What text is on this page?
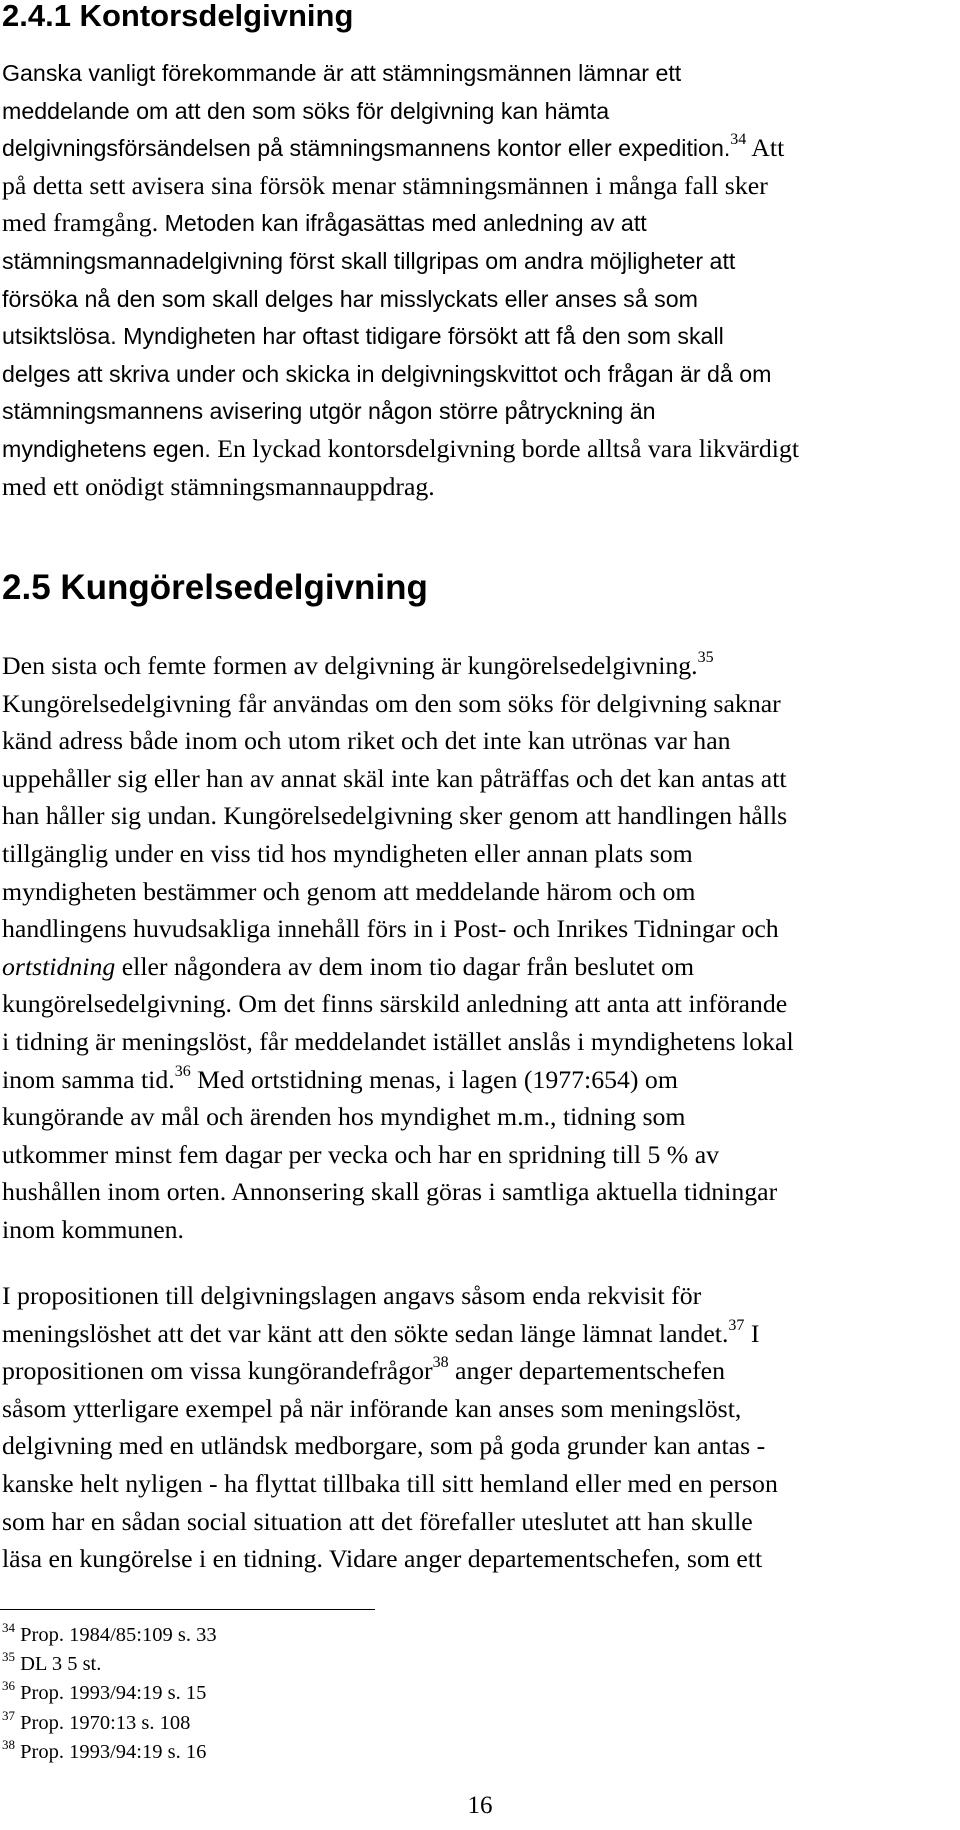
2.4.1 Kontorsdelgivning
Ganska vanligt förekommande är att stämningsmännen lämnar ett
meddelande om att den som söks för delgivning kan hämta
delgivningsförsändelsen på stämningsmannens kontor eller expedition.$^{34}$ Att
på detta sett avisera sina försök menar stämningsmännen i många fall sker
med framgång. Metoden kan ifrågasättas med anledning av att
stämningsmannadelgivning först skall tillgripas om andra möjligheter att
försöka nå den som skall delges har misslyckats eller anses så som
utsiktslösa. Myndigheten har oftast tidigare försökt att få den som skall
delges att skriva under och skicka in delgivningskvittot och frågan är då om
stämningsmannens avisering utgör någon större påtryckning än
myndighetens egen. En lyckad kontorsdelgivning borde alltså vara likvärdigt
med ett onödigt stämningsmannauppdrag.
2.5 Kungörelsedelgivning
Den sista och femte formen av delgivning är kungörelsedelgivning.$^{35}$
Kungörelsedelgivning får användas om den som söks för delgivning saknar
känd adress både inom och utom riket och det inte kan utrönas var han
uppehåller sig eller han av annat skäl inte kan påträffas och det kan antas att
han håller sig undan. Kungörelsedelgivning sker genom att handlingen hålls
tillgänglig under en viss tid hos myndigheten eller annan plats som
myndigheten bestämmer och genom att meddelande härom och om
handlingens huvudsakliga innehåll förs in i Post- och Inrikes Tidningar och
ortstidning eller någondera av dem inom tio dagar från beslutet om
kungörelsedelgivning. Om det finns särskild anledning att anta att införande
i tidning är meningslöst, får meddelandet istället anslås i myndighetens lokal
inom samma tid.$^{36}$ Med ortstidning menas, i lagen (1977:654) om
kungörande av mål och ärenden hos myndighet m.m., tidning som
utkommer minst fem dagar per vecka och har en spridning till 5 % av
hushållen inom orten. Annonsering skall göras i samtliga aktuella tidningar
inom kommunen.
I propositionen till delgivningslagen angavs såsom enda rekvisit för
meningslöshet att det var känt att den sökte sedan länge lämnat landet.$^{37}$ I
propositionen om vissa kungörandefrågor$^{38}$ anger departementschefen
såsom ytterligare exempel på när införande kan anses som meningslöst,
delgivning med en utländsk medborgare, som på goda grunder kan antas -
kanske helt nyligen - ha flyttat tillbaka till sitt hemland eller med en person
som har en sådan social situation att det förefaller uteslutet att han skulle
läsa en kungörelse i en tidning. Vidare anger departementschefen, som ett
$^{34}$ Prop. 1984/85:109 s. 33
$^{35}$ DL 3 5 st.
$^{36}$ Prop. 1993/94:19 s. 15
$^{37}$ Prop. 1970:13 s. 108
$^{38}$ Prop. 1993/94:19 s. 16
16
